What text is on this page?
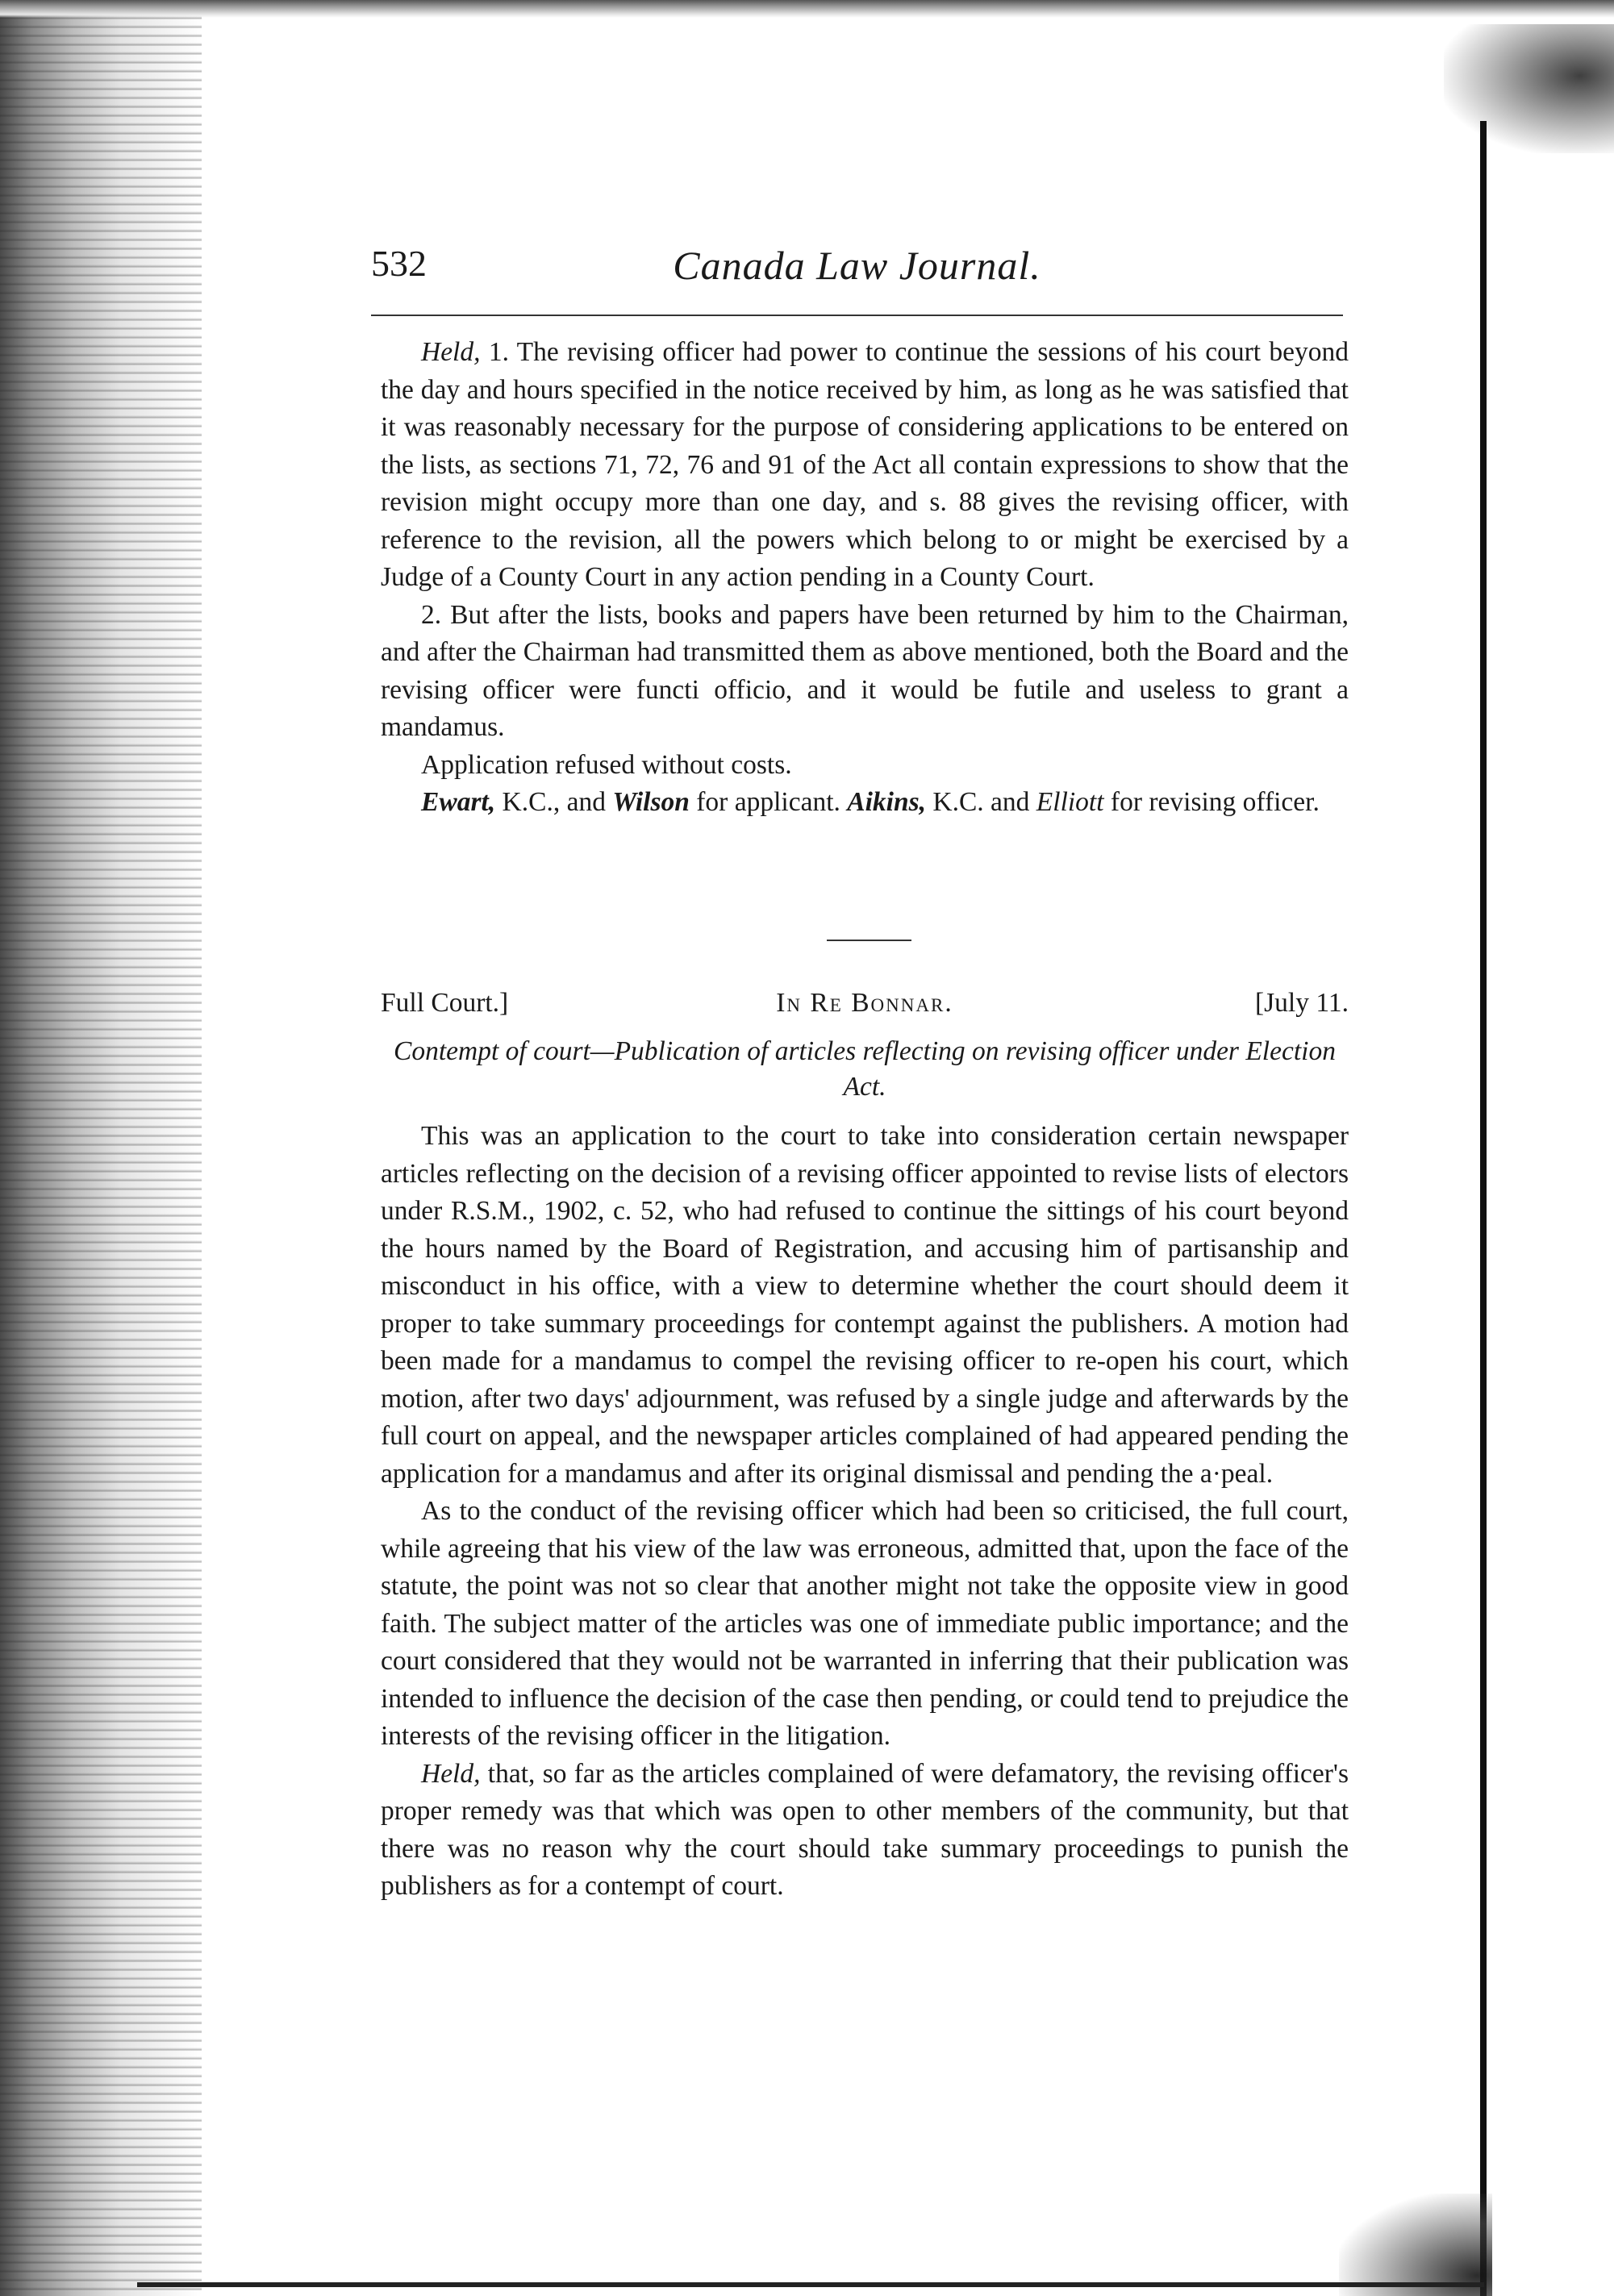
532	Canada Law Journal.

Held, 1. The revising officer had power to continue the sessions of his court beyond the day and hours specified in the notice received by him, as long as he was satisfied that it was reasonably necessary for the purpose of considering applications to be entered on the lists, as sections 71, 72, 76 and 91 of the Act all contain expressions to show that the revision might occupy more than one day, and s. 88 gives the revising officer, with reference to the revision, all the powers which belong to or might be exercised by a Judge of a County Court in any action pending in a County Court.

2. But after the lists, books and papers have been returned by him to the Chairman, and after the Chairman had transmitted them as above mentioned, both the Board and the revising officer were functi officio, and it would be futile and useless to grant a mandamus.

Application refused without costs.

Ewart, K.C., and Wilson for applicant. Aikins, K.C. and Elliott for revising officer.

Full Court.]	In Re Bonnar.	[July 11.
Contempt of court—Publication of articles reflecting on revising officer under Election Act.

This was an application to the court to take into consideration certain newspaper articles reflecting on the decision of a revising officer appointed to revise lists of electors under R.S.M., 1902, c. 52, who had refused to continue the sittings of his court beyond the hours named by the Board of Registration, and accusing him of partisanship and misconduct in his office, with a view to determine whether the court should deem it proper to take summary proceedings for contempt against the publishers. A motion had been made for a mandamus to compel the revising officer to re-open his court, which motion, after two days' adjournment, was refused by a single judge and afterwards by the full court on appeal, and the newspaper articles complained of had appeared pending the application for a mandamus and after its original dismissal and pending the a·peal.

As to the conduct of the revising officer which had been so criticised, the full court, while agreeing that his view of the law was erroneous, admitted that, upon the face of the statute, the point was not so clear that another might not take the opposite view in good faith. The subject matter of the articles was one of immediate public importance; and the court considered that they would not be warranted in inferring that their publication was intended to influence the decision of the case then pending, or could tend to prejudice the interests of the revising officer in the litigation.

Held, that, so far as the articles complained of were defamatory, the revising officer's proper remedy was that which was open to other members of the community, but that there was no reason why the court should take summary proceedings to punish the publishers as for a contempt of court.
